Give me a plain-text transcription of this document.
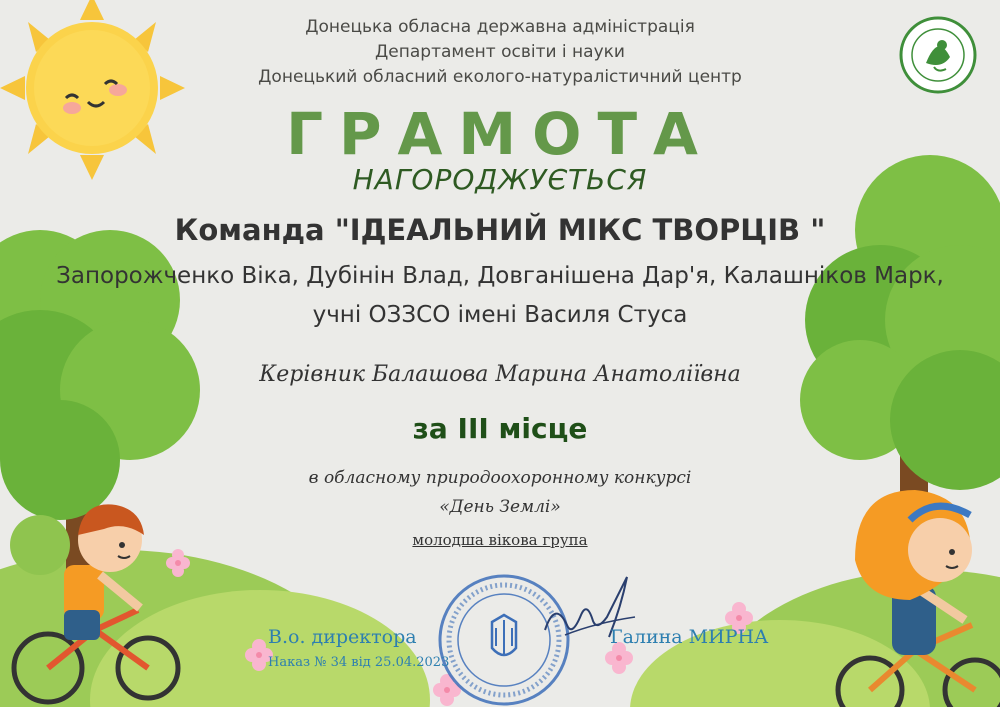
Донецька обласна державна адміністрація
Департамент освіти і науки
Донецький обласний еколого-натуралістичний центр
ГРАМОТА
НАГОРОДЖУЄТЬСЯ
Команда "ІДЕАЛЬНИЙ МІКС ТВОРЦІВ "
Запорожченко Віка, Дубінін Влад, Довганішена Дар'я, Калашніков Марк,
учні ОЗЗСО імені Василя Стуса
Керівник Балашова Марина Анатоліївна
за ІІІ місце
в обласному природоохоронному конкурсі
«День Землі»
молодша вікова група
В.о. директора
Наказ № 34 від 25.04.2023
Галина МИРНА
